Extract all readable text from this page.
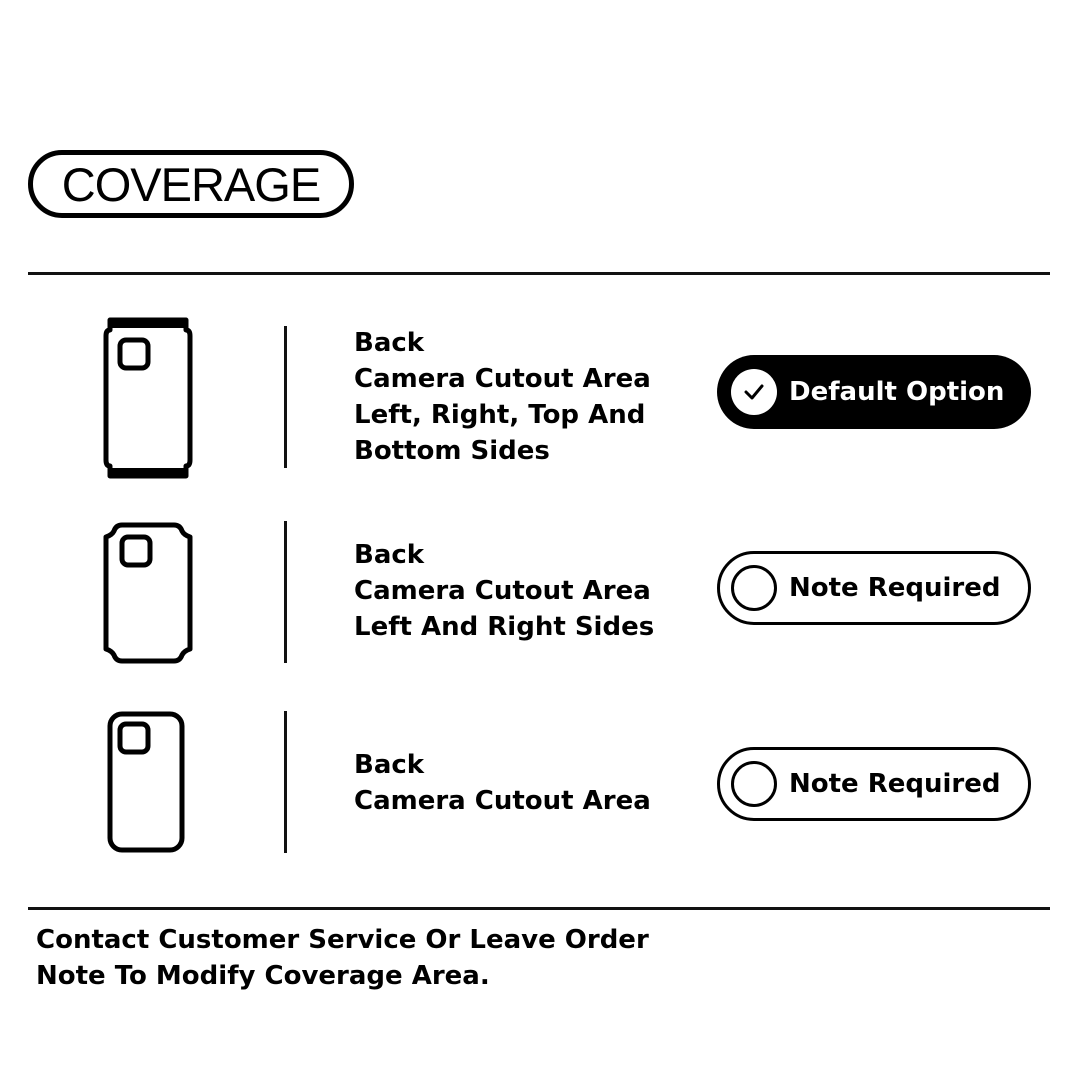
COVERAGE
Back
Camera Cutout Area
Left, Right, Top And
Bottom Sides
Default Option
Back
Camera Cutout Area
Left And Right Sides
Note Required
Back
Camera Cutout Area
Note Required
Contact Customer Service Or Leave Order
Note To Modify Coverage Area.
